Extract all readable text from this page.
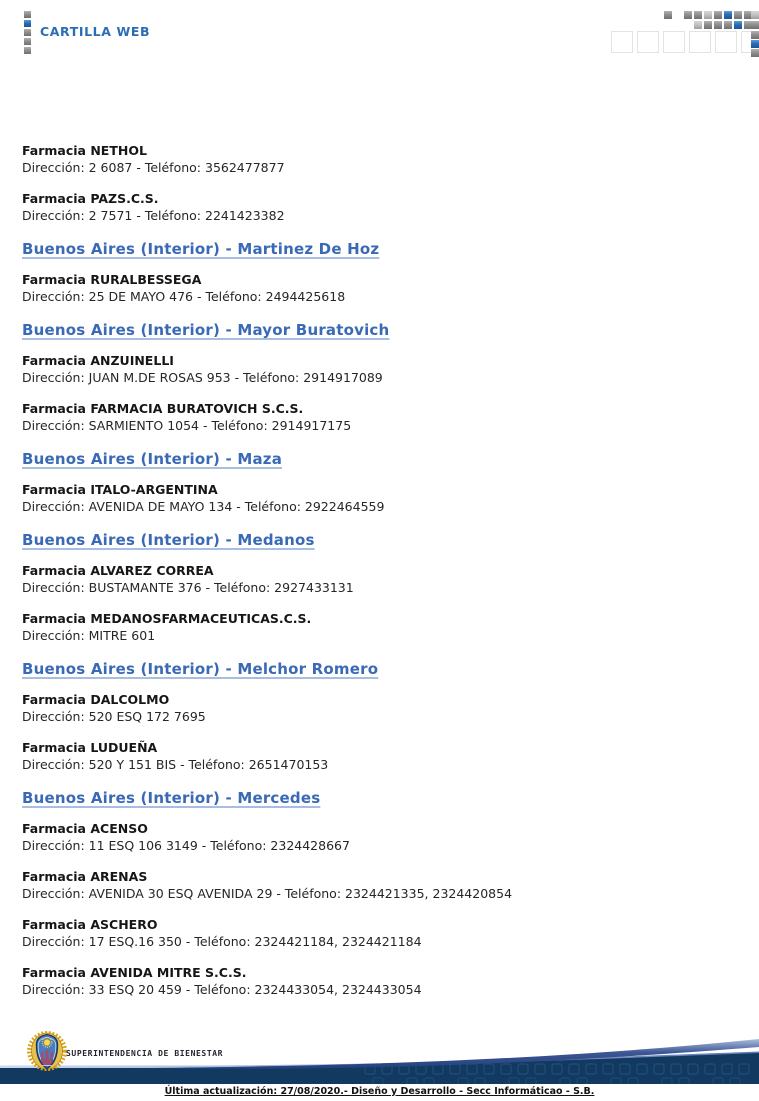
CARTILLA WEB
Farmacia NETHOL
Dirección: 2 6087 - Teléfono: 3562477877
Farmacia PAZS.C.S.
Dirección: 2 7571 - Teléfono: 2241423382
Buenos Aires (Interior) - Martinez De Hoz
Farmacia RURALBESSEGA
Dirección: 25 DE MAYO 476 - Teléfono: 2494425618
Buenos Aires (Interior) - Mayor Buratovich
Farmacia ANZUINELLI
Dirección: JUAN M.DE ROSAS 953 - Teléfono: 2914917089
Farmacia FARMACIA BURATOVICH S.C.S.
Dirección: SARMIENTO 1054 - Teléfono: 2914917175
Buenos Aires (Interior) - Maza
Farmacia ITALO-ARGENTINA
Dirección: AVENIDA DE MAYO 134 - Teléfono: 2922464559
Buenos Aires (Interior) - Medanos
Farmacia ALVAREZ CORREA
Dirección: BUSTAMANTE 376 - Teléfono: 2927433131
Farmacia MEDANOSFARMACEUTICAS.C.S.
Dirección: MITRE 601
Buenos Aires (Interior) - Melchor Romero
Farmacia DALCOLMO
Dirección: 520 ESQ 172 7695
Farmacia LUDUEÑA
Dirección: 520 Y 151 BIS - Teléfono: 2651470153
Buenos Aires (Interior) - Mercedes
Farmacia ACENSO
Dirección: 11 ESQ 106 3149 - Teléfono: 2324428667
Farmacia ARENAS
Dirección: AVENIDA 30 ESQ AVENIDA 29 - Teléfono: 2324421335, 2324420854
Farmacia ASCHERO
Dirección: 17 ESQ.16 350 - Teléfono: 2324421184, 2324421184
Farmacia AVENIDA MITRE S.C.S.
Dirección: 33 ESQ 20 459 - Teléfono: 2324433054, 2324433054
SUPERINTENDENCIA DE BIENESTAR
Última actualización: 27/08/2020.- Diseño y Desarrollo - Secc Informáticao - S.B.
